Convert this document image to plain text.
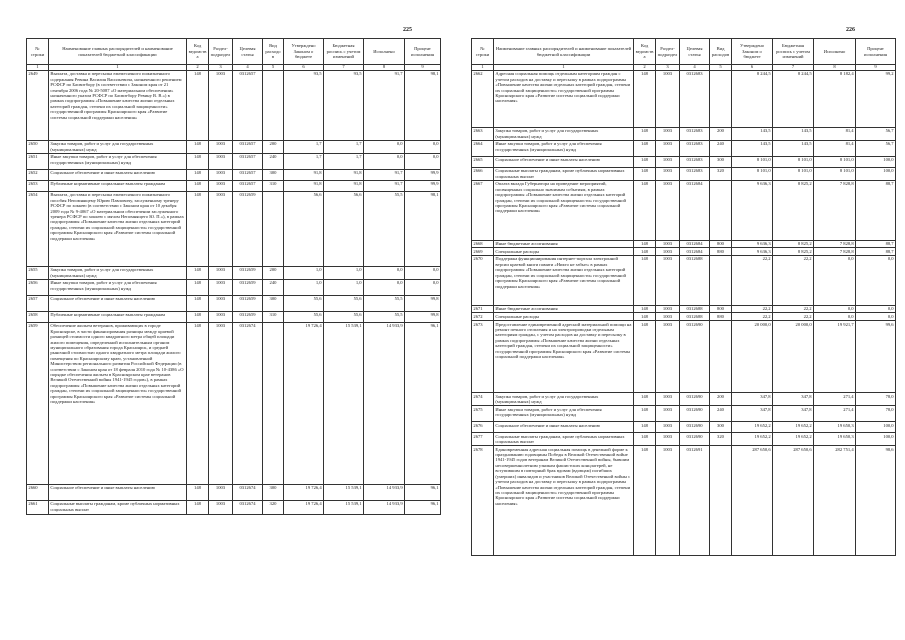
225
№ строки	Наименование главных распорядителей и наименование показателей бюджетной классификации	Код ведомства	Раздел-подраздел	Целевая статья	Вид расходов	Утверждено Законом о бюджете	Бюджетная роспись с учетом изменений	Исполнено	Процент исполнения
1	1	2	3	4	5	6	7	8	9
2649	Выплата, доставка и пересылка ежемесячного пожизненного содержания Ревина Василия Васильевича, назначенного решением РСФСР по Басвитбору (в соответствии с Законом края от 21 сентября 2006 года № 20-5087 «О материальном обеспечении» назначенного указом РСФСР по Басвитбору Ревину В. В.») в рамках подпрограммы «Повышение качества жизни отдельных категорий граждан, степени их социальной защищенности» государственной программы Красноярского края «Развитие системы социальной поддержки населения»	148	1003	0312657		93,5	93,5	91,7	98,1
2650	Закупка товаров, работ и услуг для государственных (муниципальных) нужд	148	1003	0312657	200	1,7	1,7	0,0	0,0
2651	Иные закупки товаров, работ и услуг для обеспечения государственных (муниципальных) нужд	148	1003	0312657	240	1,7	1,7	0,0	0,0
2652	Социальное обеспечение и иные выплаты населению	148	1003	0312657	300	91,8	91,8	91,7	99,9
2653	Публичные нормативные социальные выплаты гражданам	148	1003	0312657	310	91,8	91,8	91,7	99,9
2654	Выплата, доставка и пересылка ежемесячного пожизненного пособия Непомнящему Юрию Павловичу, заслуженному тренеру РСФСР по хоккею (в соответствии с Законом края от 10 декабря 2009 года № 9-4067 «О материальном обеспечении заслуженного тренера РСФСР по хоккею с мячом Непомнящего Ю. П.»), в рамках подпрограммы «Повышение качества жизни отдельных категорий граждан, степени их социальной защищенности» государственной программы Красноярского края «Развитие системы социальной поддержки населения»	148	1003	0312659		56,6	56,6	55,5	98,1
2655	Закупка товаров, работ и услуг для государственных (муниципальных) нужд	148	1003	0312659	200	1,0	1,0	0,0	0,0
2656	Иные закупки товаров, работ и услуг для обеспечения государственных (муниципальных) нужд	148	1003	0312659	240	1,0	1,0	0,0	0,0
2657	Социальное обеспечение и иные выплаты населению	148	1003	0312659	300	55,6	55,6	55,5	99,8
2658	Публичные нормативные социальные выплаты гражданам	148	1003	0312659	310	55,6	55,6	55,5	99,8
2659	Обеспечение жильем ветеранов, проживающих в городе Красноярске, в части финансирования разницы между краевой разницей стоимости одного квадратного метра общей площади жилого помещения, определенной исполнительным органом муниципального образования города Красноярск, и средней рыночной стоимостью одного квадратного метра площади жилого помещения по Красноярскому краю, установленной Министерством регионального развития Российской Федерации (в соответствии с Законом края от 18 февраля 2010 года № 10-4386 «О порядке обеспечения жильем в Красноярском крае ветеранов Великой Отечественной войны 1941-1945 годов»), в рамках подпрограммы «Повышение качества жизни отдельных категорий граждан, степени их социальной защищенности» государственной программы Красноярского края «Развитие системы социальной поддержки населения»	148	1003	0312674		19 726,4	15 539,1	14 933,9	96,1
2660	Социальное обеспечение и иные выплаты населению	148	1003	0312674	300	19 726,4	15 539,1	14 933,9	96,1
2661	Социальные выплаты гражданам, кроме публичных нормативных социальных выплат	148	1003	0312674	320	19 726,4	15 539,1	14 933,9	96,1
226
№ строки	Наименование главных распорядителей и наименование показателей бюджетной классификации	Код ведомства	Раздел-подраздел	Целевая статья	Вид расходов	Утверждено Законом о бюджете	Бюджетная роспись с учетом изменений	Исполнено	Процент исполнения
1	1	2	3	4	5	6	7	8	9
2662	Адресная социальная помощь отдельным категориям граждан с учетом расходов на доставку и пересылку в рамках подпрограммы «Повышение качества жизни отдельных категорий граждан, степени их социальной защищенности» государственной программы Красноярского края «Развитие системы социальной поддержки населения»	148	1003	0312683		8 244,5	8 244,5	8 182,4	99,2
2663	Закупка товаров, работ и услуг для государственных (муниципальных) нужд	148	1003	0312683	200	143,5	143,5	81,4	56,7
2664	Иные закупки товаров, работ и услуг для обеспечения государственных (муниципальных) нужд	148	1003	0312683	240	143,5	143,5	81,4	56,7
2665	Социальное обеспечение и иные выплаты населению	148	1003	0312683	300	8 101,0	8 101,0	8 101,0	100,0
2666	Социальные выплаты гражданам, кроме публичных нормативных социальных выплат	148	1003	0312683	320	8 101,0	8 101,0	8 101,0	100,0
2667	Оплата вклада Губернатора на проведение мероприятий, посвященных социально значимым событиям, в рамках подпрограммы «Повышение качества жизни отдельных категорий граждан, степени их социальной защищенности» государственной программы Красноярского края «Развитие системы социальной поддержки населения»	148	1003	0312684		9 636,3	8 825,2	7 828,8	88,7
2668	Иные бюджетные ассигнования	148	1003	0312684	800	9 636,3	8 825,2	7 828,8	88,7
2669	Специальные расходы	148	1003	0312684	880	9 636,3	8 825,2	7 828,8	88,7
2670	Поддержка функционирования интернет-портала электронной версии краевой книги памяти «Никто не забыт» в рамках подпрограммы «Повышение качества жизни отдельных категорий граждан, степени их социальной защищенности» государственной программы Красноярского края «Развитие системы социальной поддержки населения»	148	1003	0312688		22,2	22,2	0,0	0,0
2671	Иные бюджетные ассигнования	148	1003	0312688	800	22,2	22,2	0,0	0,0
2672	Специальные расходы	148	1003	0312688	880	22,2	22,2	0,0	0,0
2673	Предоставление единовременной адресной материальной помощи на ремонт печного отопления и на электропроводки отдельным категориям граждан, с учетом расходов на доставку и пересылку в рамках подпрограммы «Повышение качества жизни отдельных категорий граждан, степени их социальной защищенности» государственной программы Красноярского края «Развитие системы социальной поддержки населения»	148	1003	0312690		20 000,0	20 000,0	19 921,7	99,6
2674	Закупка товаров, работ и услуг для государственных (муниципальных) нужд	148	1003	0312690	200	347,8	347,8	271,4	78,0
2675	Иные закупки товаров, работ и услуг для обеспечения государственных (муниципальных) нужд	148	1003	0312690	240	347,8	347,8	271,4	78,0
2676	Социальное обеспечение и иные выплаты населению	148	1003	0312690	300	19 652,2	19 652,2	19 650,3	100,0
2677	Социальные выплаты гражданам, кроме публичных нормативных социальных выплат	148	1003	0312690	320	19 652,2	19 652,2	19 650,3	100,0
2678	Единовременная адресная социальная помощь в денежной форме к празднованию годовщины Победы в Великой Отечественной войне 1941-1945 годов ветеранам Великой Отечественной войны, бывшим несовершеннолетним узникам фашистских концлагерей, не вступившим в повторный брак вдовам (вдовцам) погибших (умерших) инвалидов и участников Великой Отечественной войны с учетом расходов на доставку и пересылку в рамках подпрограммы «Повышение качества жизни отдельных категорий граждан, степени их социальной защищенности» государственной программы Красноярского края «Развитие системы социальной поддержки населения»	148	1003	0312691		287 650,6	287 650,6	282 751,4	98,6
